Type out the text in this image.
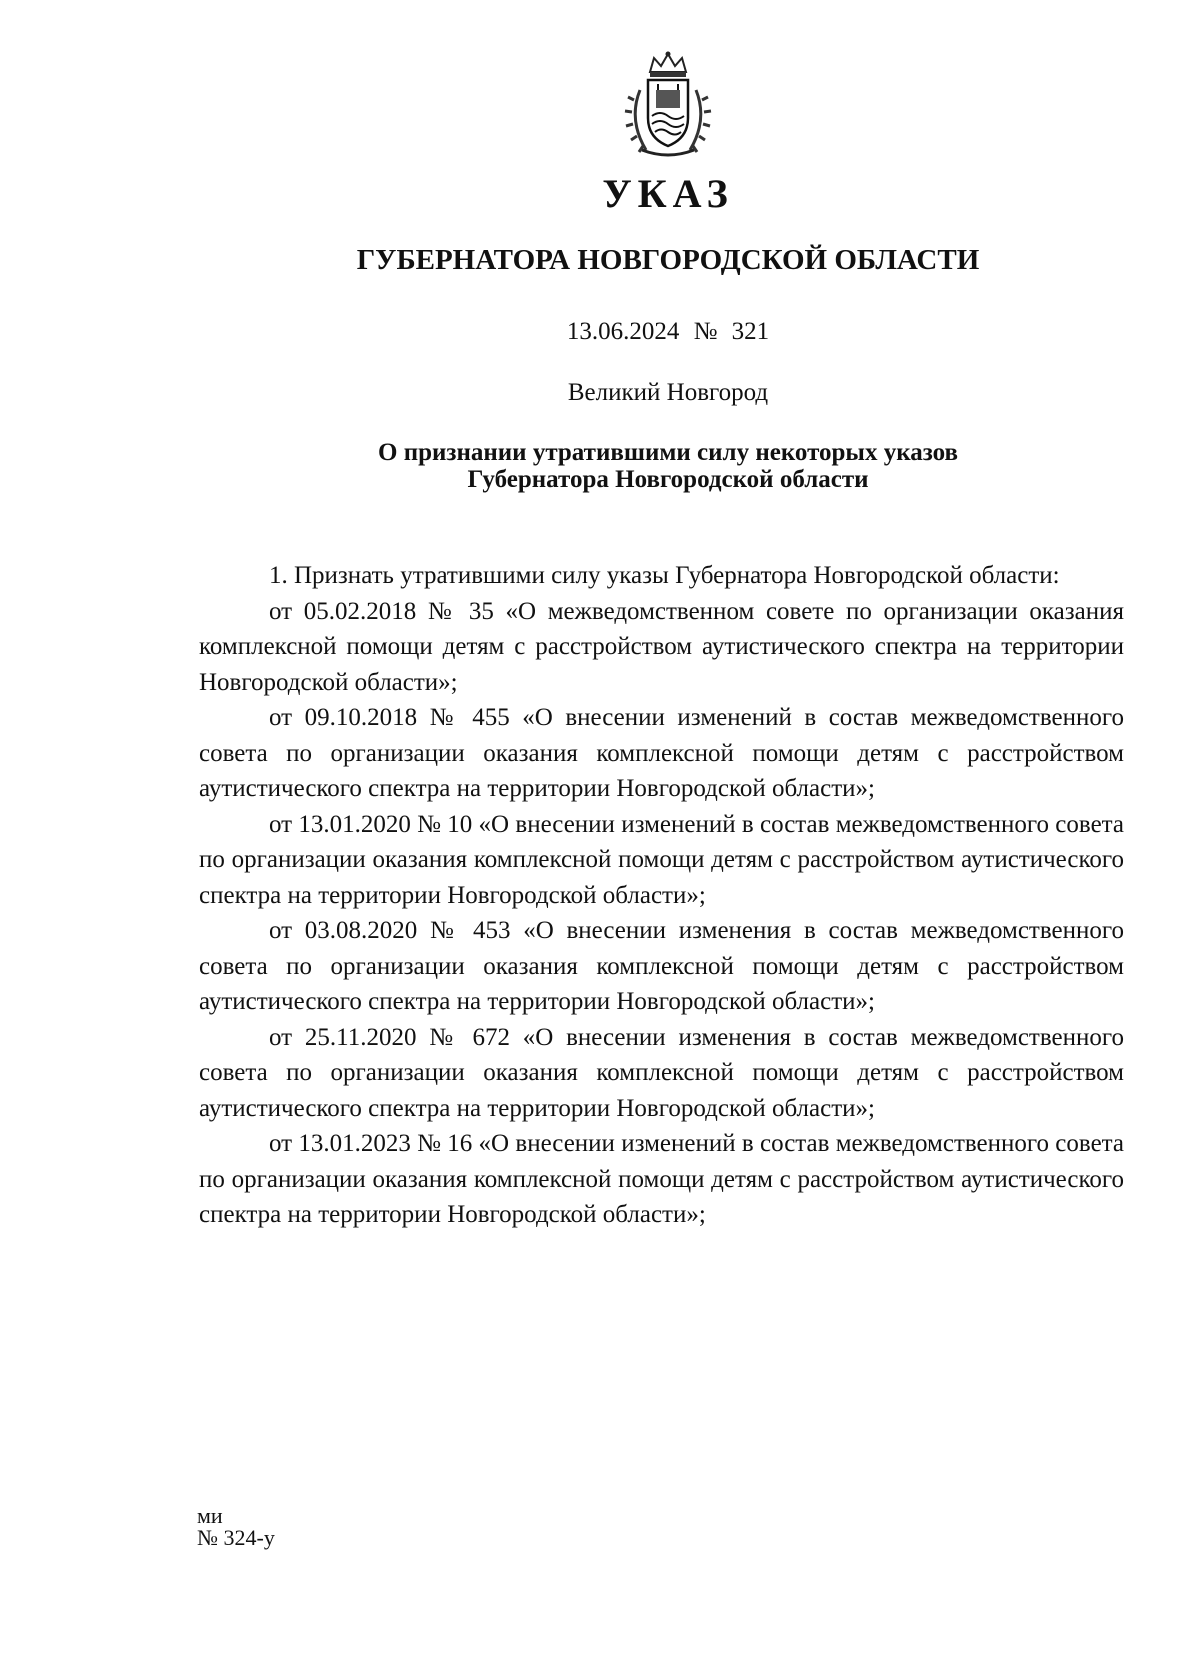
УКАЗ
ГУБЕРНАТОРА НОВГОРОДСКОЙ ОБЛАСТИ
13.06.2024 № 321
Великий Новгород
О признании утратившими силу некоторых указов
Губернатора Новгородской области

1. Признать утратившими силу указы Губернатора Новгородской области:

от 05.02.2018 № 35 «О межведомственном совете по организации оказания комплексной помощи детям с расстройством аутистического спектра на территории Новгородской области»;

от 09.10.2018 № 455 «О внесении изменений в состав межведомственного совета по организации оказания комплексной помощи детям с расстройством аутистического спектра на территории Новгородской области»;

от 13.01.2020 № 10 «О внесении изменений в состав межведомственного совета по организации оказания комплексной помощи детям с расстройством аутистического спектра на территории Новгородской области»;

от 03.08.2020 № 453 «О внесении изменения в состав межведомственного совета по организации оказания комплексной помощи детям с расстройством аутистического спектра на территории Новгородской области»;

от 25.11.2020 № 672 «О внесении изменения в состав межведомственного совета по организации оказания комплексной помощи детям с расстройством аутистического спектра на территории Новгородской области»;

от 13.01.2023 № 16 «О внесении изменений в состав межведомственного совета по организации оказания комплексной помощи детям с расстройством аутистического спектра на территории Новгородской области»;

ми
№ 324-у
